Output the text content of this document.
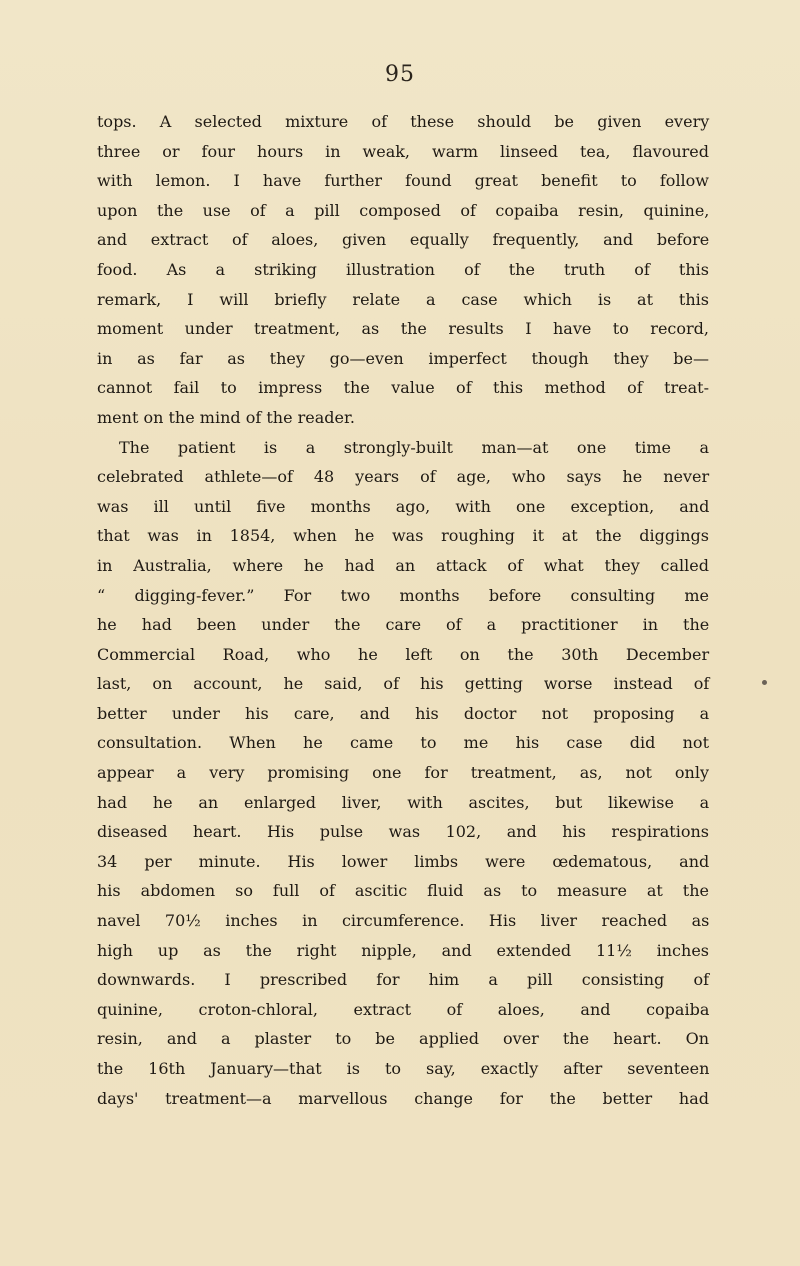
95
tops. A selected mixture of these should be given every
three or four hours in weak, warm linseed tea, flavoured
with lemon. I have further found great benefit to follow
upon the use of a pill composed of copaiba resin, quinine,
and extract of aloes, given equally frequently, and before
food. As a striking illustration of the truth of this
remark, I will briefly relate a case which is at this
moment under treatment, as the results I have to record,
in as far as they go—even imperfect though they be—
cannot fail to impress the value of this method of treat-
ment on the mind of the reader.
The patient is a strongly-built man—at one time a
celebrated athlete—of 48 years of age, who says he never
was ill until five months ago, with one exception, and
that was in 1854, when he was roughing it at the diggings
in Australia, where he had an attack of what they called
“ digging-fever.” For two months before consulting me
he had been under the care of a practitioner in the
Commercial Road, who he left on the 30th December
last, on account, he said, of his getting worse instead of
better under his care, and his doctor not proposing a
consultation. When he came to me his case did not
appear a very promising one for treatment, as, not only
had he an enlarged liver, with ascites, but likewise a
diseased heart. His pulse was 102, and his respirations
34 per minute. His lower limbs were œdematous, and
his abdomen so full of ascitic fluid as to measure at the
navel 70½ inches in circumference. His liver reached as
high up as the right nipple, and extended 11½ inches
downwards. I prescribed for him a pill consisting of
quinine, croton-chloral, extract of aloes, and copaiba
resin, and a plaster to be applied over the heart. On
the 16th January—that is to say, exactly after seventeen
days' treatment—a marvellous change for the better had
